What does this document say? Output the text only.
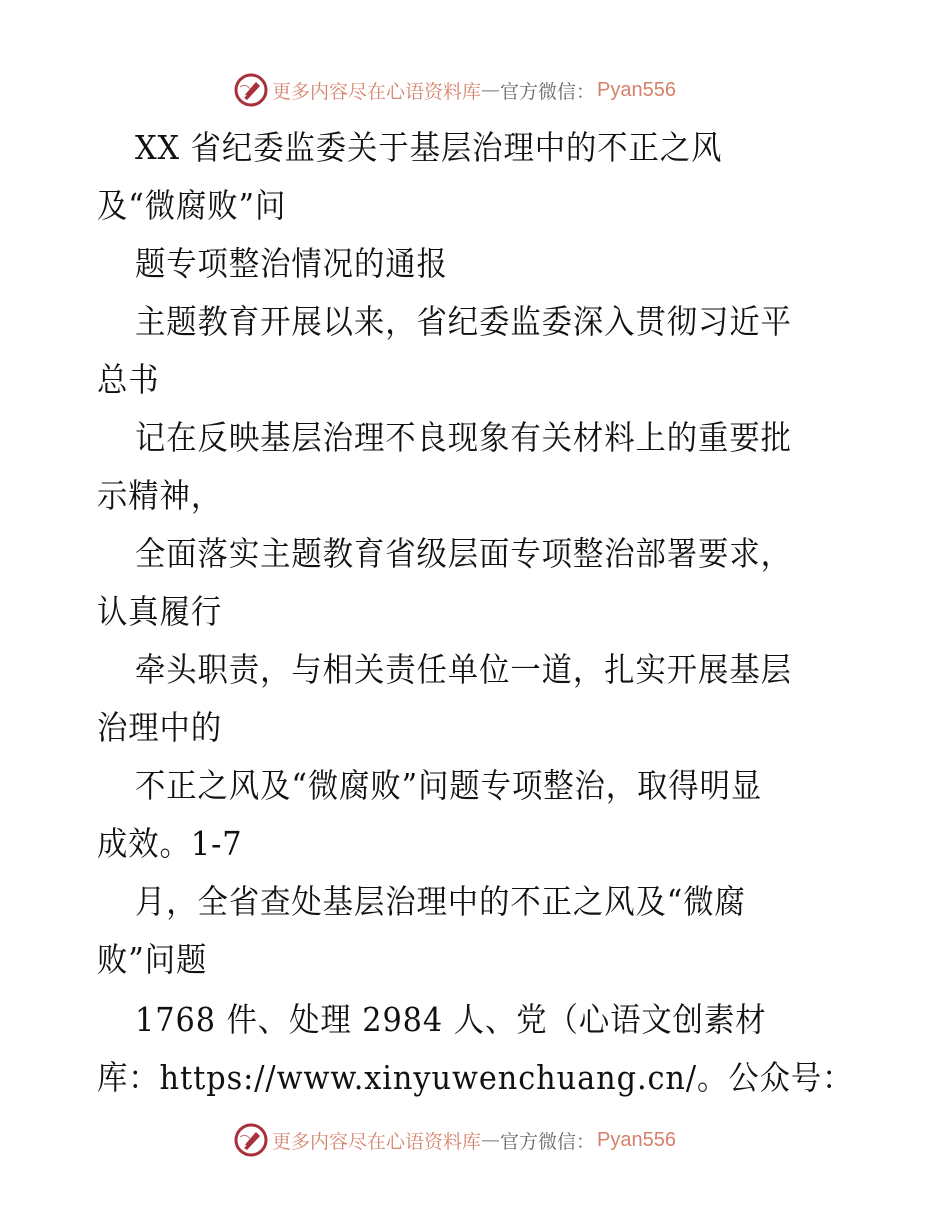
更多内容尽在心语资料库 — 官方微信： Pyan556
XX 省纪委监委关于基层治理中的不正之风
及“微腐败”问
题专项整治情况的通报
主题教育开展以来，省纪委监委深入贯彻习近平
总书
记在反映基层治理不良现象有关材料上的重要批
示精神，
全面落实主题教育省级层面专项整治部署要求，
认真履行
牵头职责，与相关责任单位一道，扎实开展基层
治理中的
不正之风及“微腐败”问题专项整治，取得明显
成效。1-7
月，全省查处基层治理中的不正之风及“微腐
败”问题
1768 件、处理 2984 人、党（心语文创素材
库：https://www.xinyuwenchuang.cn/。公众号：
更多内容尽在心语资料库 — 官方微信： Pyan556
